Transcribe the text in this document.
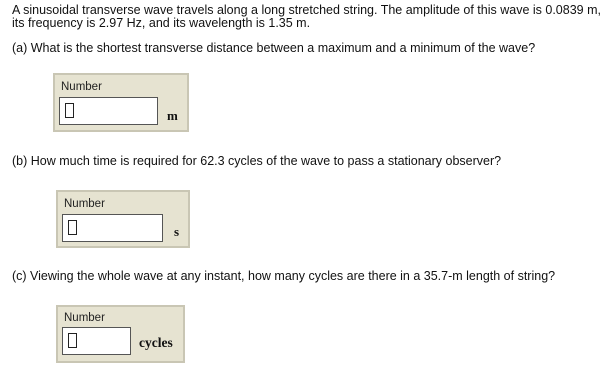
A sinusoidal transverse wave travels along a long stretched string. The amplitude of this wave is 0.0839 m,
its frequency is 2.97 Hz, and its wavelength is 1.35 m.
(a) What is the shortest transverse distance between a maximum and a minimum of the wave?
Number
m
(b) How much time is required for 62.3 cycles of the wave to pass a stationary observer?
Number
s
(c) Viewing the whole wave at any instant, how many cycles are there in a 35.7-m length of string?
Number
cycles
